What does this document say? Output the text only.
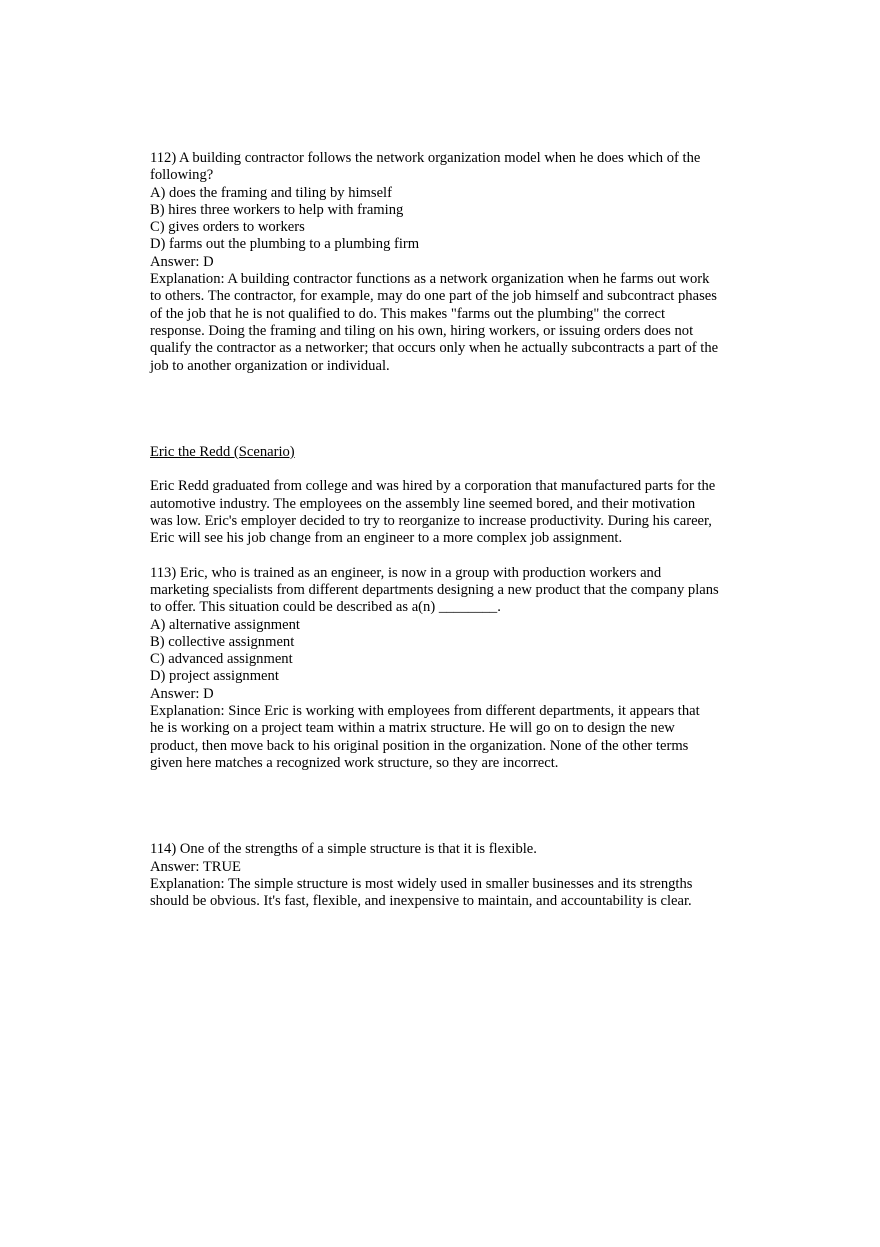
112) A building contractor follows the network organization model when he does which of the
following?
A) does the framing and tiling by himself
B) hires three workers to help with framing
C) gives orders to workers
D) farms out the plumbing to a plumbing firm
Answer: D
Explanation: A building contractor functions as a network organization when he farms out work
to others. The contractor, for example, may do one part of the job himself and subcontract phases
of the job that he is not qualified to do. This makes "farms out the plumbing" the correct
response. Doing the framing and tiling on his own, hiring workers, or issuing orders does not
qualify the contractor as a networker; that occurs only when he actually subcontracts a part of the
job to another organization or individual.
Eric the Redd (Scenario)

Eric Redd graduated from college and was hired by a corporation that manufactured parts for the
automotive industry. The employees on the assembly line seemed bored, and their motivation
was low. Eric's employer decided to try to reorganize to increase productivity. During his career,
Eric will see his job change from an engineer to a more complex job assignment.
113) Eric, who is trained as an engineer, is now in a group with production workers and
marketing specialists from different departments designing a new product that the company plans
to offer. This situation could be described as a(n) ________.
A) alternative assignment
B) collective assignment
C) advanced assignment
D) project assignment
Answer: D
Explanation: Since Eric is working with employees from different departments, it appears that
he is working on a project team within a matrix structure. He will go on to design the new
product, then move back to his original position in the organization. None of the other terms
given here matches a recognized work structure, so they are incorrect.
114) One of the strengths of a simple structure is that it is flexible.
Answer: TRUE
Explanation: The simple structure is most widely used in smaller businesses and its strengths
should be obvious. It's fast, flexible, and inexpensive to maintain, and accountability is clear.
